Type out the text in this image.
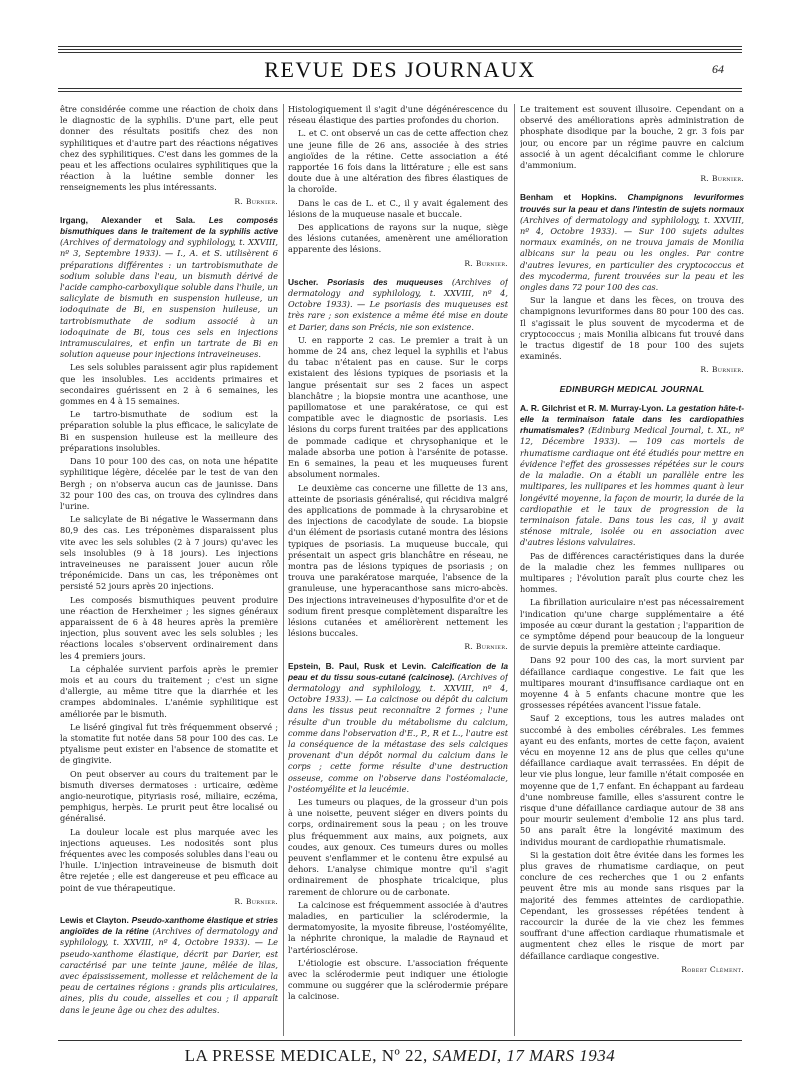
REVUE DES JOURNAUX	64

être considérée comme une réaction de choix dans le diagnostic de la syphilis. D'une part, elle peut donner des résultats positifs chez des non syphilitiques et d'autre part des réactions négatives chez des syphilitiques. C'est dans les gommes de la peau et les affections oculaires syphilitiques que la réaction à la luétine semble donner les renseignements les plus intéressants.

R. Burnier.

Irgang, Alexander et Sala. Les composés bismuthiques dans le traitement de la syphilis active (Archives of dermatology and syphilology, t. XXVIII, nº 3, Septembre 1933). — I., A. et S. utilisèrent 6 préparations différentes : un tartrobismuthate de sodium soluble dans l'eau, un bismuth dérivé de l'acide campho-carboxylique soluble dans l'huile, un salicylate de bismuth en suspension huileuse, un iodoquinate de Bi, en suspension huileuse, un tartrobismuthate de sodium associé à un iodoquinate de Bi, tous ces sels en injections intramusculaires, et enfin un tartrate de Bi en solution aqueuse pour injections intraveineuses.

Les sels solubles paraissent agir plus rapidement que les insolubles. Les accidents primaires et secondaires guérissent en 2 à 6 semaines, les gommes en 4 à 15 semaines.

Le tartro-bismuthate de sodium est la préparation soluble la plus efficace, le salicylate de Bi en suspension huileuse est la meilleure des préparations insolubles.

Dans 10 pour 100 des cas, on nota une hépatite syphilitique légère, décelée par le test de van den Bergh ; on n'observa aucun cas de jaunisse. Dans 32 pour 100 des cas, on trouva des cylindres dans l'urine.

Le salicylate de Bi négative le Wassermann dans 80,9 des cas. Les tréponèmes disparaissent plus vite avec les sels solubles (2 à 7 jours) qu'avec les sels insolubles (9 à 18 jours). Les injections intraveineuses ne paraissent jouer aucun rôle tréponémicide. Dans un cas, les tréponèmes ont persisté 52 jours après 20 injections.

Les composés bismuthiques peuvent produire une réaction de Herxheimer ; les signes généraux apparaissent de 6 à 48 heures après la première injection, plus souvent avec les sels solubles ; les réactions locales s'observent ordinairement dans les 4 premiers jours.

La céphalée survient parfois après le premier mois et au cours du traitement ; c'est un signe d'allergie, au même titre que la diarrhée et les crampes abdominales. L'anémie syphilitique est améliorée par le bismuth.

Le liséré gingival fut très fréquemment observé ; la stomatite fut notée dans 58 pour 100 des cas. Le ptyalisme peut exister en l'absence de stomatite et de gingivite.

On peut observer au cours du traitement par le bismuth diverses dermatoses : urticaire, œdème angio-neurotique, pityriasis rosé, miliaire, eczéma, pemphigus, herpès. Le prurit peut être localisé ou généralisé.

La douleur locale est plus marquée avec les injections aqueuses. Les nodosités sont plus fréquentes avec les composés solubles dans l'eau ou l'huile. L'injection intraveineuse de bismuth doit être rejetée ; elle est dangereuse et peu efficace au point de vue thérapeutique.

R. Burnier.

Lewis et Clayton. Pseudo-xanthome élastique et stries angioïdes de la rétine (Archives of dermatology and syphilology, t. XXVIII, nº 4, Octobre 1933). — Le pseudo-xanthome élastique, décrit par Darier, est caractérisé par une teinte jaune, mêlée de lilas, avec épaississement, mollesse et relâchement de la peau de certaines régions : grands plis articulaires, aines, plis du coude, aisselles et cou ; il apparaît dans le jeune âge ou chez des adultes.

Histologiquement il s'agit d'une dégénérescence du réseau élastique des parties profondes du chorion.

L. et C. ont observé un cas de cette affection chez une jeune fille de 26 ans, associée à des stries angioïdes de la rétine. Cette association a été rapportée 16 fois dans la littérature ; elle est sans doute due à une altération des fibres élastiques de la choroïde.

Dans le cas de L. et C., il y avait également des lésions de la muqueuse nasale et buccale.

Des applications de rayons sur la nuque, siège des lésions cutanées, amenèrent une amélioration apparente des lésions.

R. Burnier.

Uscher. Psoriasis des muqueuses (Archives of dermatology and syphilology, t. XXVIII, nº 4, Octobre 1933). — Le psoriasis des muqueuses est très rare ; son existence a même été mise en doute et Darier, dans son Précis, nie son existence.

U. en rapporte 2 cas. Le premier a trait à un homme de 24 ans, chez lequel la syphilis et l'abus du tabac n'étaient pas en cause. Sur le corps existaient des lésions typiques de psoriasis et la langue présentait sur ses 2 faces un aspect blanchâtre ; la biopsie montra une acanthose, une papillomatose et une parakératose, ce qui est compatible avec le diagnostic de psoriasis. Les lésions du corps furent traitées par des applications de pommade cadique et chrysophanique et le malade absorba une potion à l'arsénite de potasse. En 6 semaines, la peau et les muqueuses furent absolument normales.

Le deuxième cas concerne une fillette de 13 ans, atteinte de psoriasis généralisé, qui récidiva malgré des applications de pommade à la chrysarobine et des injections de cacodylate de soude. La biopsie d'un élément de psoriasis cutané montra des lésions typiques de psoriasis. La muqueuse buccale, qui présentait un aspect gris blanchâtre en réseau, ne montra pas de lésions typiques de psoriasis ; on trouva une parakératose marquée, l'absence de la granuleuse, une hyperacanthose sans micro-abcès. Des injections intraveineuses d'hyposulfite d'or et de sodium firent presque complètement disparaître les lésions cutanées et améliorèrent nettement les lésions buccales.

R. Burnier.

Epstein, B. Paul, Rusk et Levin. Calcification de la peau et du tissu sous-cutané (calcinose). (Archives of dermatology and syphilology, t. XXVIII, nº 4, Octobre 1933). — La calcinose ou dépôt du calcium dans les tissus peut reconnaître 2 formes ; l'une résulte d'un trouble du métabolisme du calcium, comme dans l'observation d'E., P., R et L., l'autre est la conséquence de la métastase des sels calciques provenant d'un dépôt normal du calcium dans le corps ; cette forme résulte d'une destruction osseuse, comme on l'observe dans l'ostéomalacie, l'ostéomyélite et la leucémie.

Les tumeurs ou plaques, de la grosseur d'un pois à une noisette, peuvent siéger en divers points du corps, ordinairement sous la peau ; on les trouve plus fréquemment aux mains, aux poignets, aux coudes, aux genoux. Ces tumeurs dures ou molles peuvent s'enflammer et le contenu être expulsé au dehors. L'analyse chimique montre qu'il s'agit ordinairement de phosphate tricalcique, plus rarement de chlorure ou de carbonate.

La calcinose est fréquemment associée à d'autres maladies, en particulier la sclérodermie, la dermatomyosite, la myosite fibreuse, l'ostéomyélite, la néphrite chronique, la maladie de Raynaud et l'artériosclérose.

L'étiologie est obscure. L'association fréquente avec la sclérodermie peut indiquer une étiologie commune ou suggérer que la sclérodermie prépare la calcinose.

Le traitement est souvent illusoire. Cependant on a observé des améliorations après administration de phosphate disodique par la bouche, 2 gr. 3 fois par jour, ou encore par un régime pauvre en calcium associé à un agent décalcifiant comme le chlorure d'ammonium.

R. Burnier.

Benham et Hopkins. Champignons levuriformes trouvés sur la peau et dans l'intestin de sujets normaux (Archives of dermatology and syphilology, t. XXVIII, nº 4, Octobre 1933). — Sur 100 sujets adultes normaux examinés, on ne trouva jamais de Monilia albicans sur la peau ou les ongles. Par contre d'autres levures, en particulier des cryptococcus et des mycoderma, furent trouvées sur la peau et les ongles dans 72 pour 100 des cas.

Sur la langue et dans les fèces, on trouva des champignons levuriformes dans 80 pour 100 des cas. Il s'agissait le plus souvent de mycoderma et de cryptococcus ; mais Monilia albicans fut trouvé dans le tractus digestif de 18 pour 100 des sujets examinés.

R. Burnier.
EDINBURGH MEDICAL JOURNAL

A. R. Gilchrist et R. M. Murray-Lyon. La gestation hâte-t-elle la terminaison fatale dans les cardiopathies rhumatismales? (Edinburg Medical Journal, t. XL, nº 12, Décembre 1933). — 109 cas mortels de rhumatisme cardiaque ont été étudiés pour mettre en évidence l'effet des grossesses répétées sur le cours de la maladie. On a établi un parallèle entre les multipares, les nullipares et les hommes quant à leur longévité moyenne, la façon de mourir, la durée de la cardiopathie et le taux de progression de la terminaison fatale. Dans tous les cas, il y avait sténose mitrale, isolée ou en association avec d'autres lésions valvulaires.

Pas de différences caractéristiques dans la durée de la maladie chez les femmes nullipares ou multipares ; l'évolution paraît plus courte chez les hommes.

La fibrillation auriculaire n'est pas nécessairement l'indication qu'une charge supplémentaire a été imposée au cœur durant la gestation ; l'apparition de ce symptôme dépend pour beaucoup de la longueur de survie depuis la première atteinte cardiaque.

Dans 92 pour 100 des cas, la mort survient par défaillance cardiaque congestive. Le fait que les multipares mourant d'insuffisance cardiaque ont en moyenne 4 à 5 enfants chacune montre que les grossesses répétées avancent l'issue fatale.

Sauf 2 exceptions, tous les autres malades ont succombé à des embolies cérébrales. Les femmes ayant eu des enfants, mortes de cette façon, avaient vécu en moyenne 12 ans de plus que celles qu'une défaillance cardiaque avait terrassées. En dépit de leur vie plus longue, leur famille n'était composée en moyenne que de 1,7 enfant. En échappant au fardeau d'une nombreuse famille, elles s'assurent contre le risque d'une défaillance cardiaque autour de 38 ans pour mourir seulement d'embolie 12 ans plus tard. 50 ans paraît être la longévité maximum des individus mourant de cardiopathie rhumatismale.

Si la gestation doit être évitée dans les formes les plus graves de rhumatisme cardiaque, on peut conclure de ces recherches que 1 ou 2 enfants peuvent être mis au monde sans risques par la majorité des femmes atteintes de cardiopathie. Cependant, les grossesses répétées tendent à raccourcir la durée de la vie chez les femmes souffrant d'une affection cardiaque rhumatismale et augmentent chez elles le risque de mort par défaillance cardiaque congestive.

Robert Clément.
LA PRESSE MEDICALE, Nº 22, SAMEDI, 17 MARS 1934
